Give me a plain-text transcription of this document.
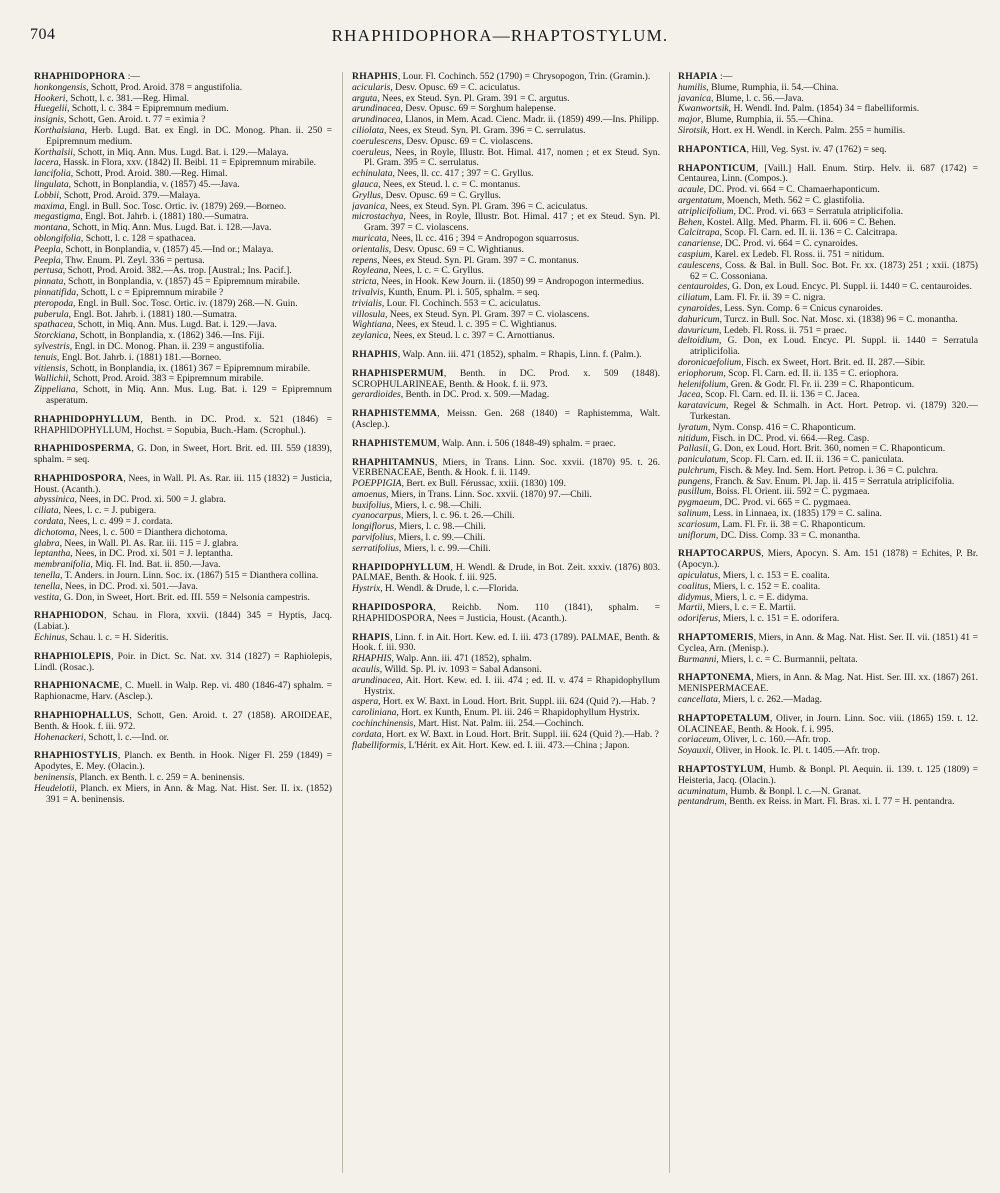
704	RHAPHIDOPHORA—RHAPTOSTYLUM.
RHAPHIDOPHORA :—
honkongensis, Schott, Prod. Aroid. 378 = angustifolia.
Hookeri, Schott, l. c. 381.—Reg. Himal.
Huegelii, Schott, l. c. 384 = Epipremnum medium.
insignis, Schott, Gen. Aroid. t. 77 = eximia ?
Korthalsiana, Herb. Lugd. Bat. ex Engl. in DC. Monog. Phan. ii. 250 = Epipremnum medium.
Korthalsii, Schott, in Miq. Ann. Mus. Lugd. Bat. i. 129.—Malaya.
lacera, Hassk. in Flora, xxv. (1842) II. Beibl. 11 = Epipremnum mirabile.
lancifolia, Schott, Prod. Aroid. 380.—Reg. Himal.
lingulata, Schott, in Bonplandia, v. (1857) 45.—Java.
Lobbii, Schott, Prod. Aroid. 379.—Malaya.
maxima, Engl. in Bull. Soc. Tosc. Ortic. iv. (1879) 269.—Borneo.
megastigma, Engl. Bot. Jahrb. i. (1881) 180.—Sumatra.
montana, Schott, in Miq. Ann. Mus. Lugd. Bat. i. 128.—Java.
oblongifolia, Schott, l. c. 128 = spathacea.
Peepla, Schott, in Bonplandia, v. (1857) 45.—Ind or.; Malaya.
Peepla, Thw. Enum. Pl. Zeyl. 336 = pertusa.
pertusa, Schott, Prod. Aroid. 382.—As. trop. [Austral.; Ins. Pacif.].
pinnata, Schott, in Bonplandia, v. (1857) 45 = Epipremnum mirabile.
pinnatifida, Schott, l. c = Epipremnum mirabile ?
pteropoda, Engl. in Bull. Soc. Tosc. Ortic. iv. (1879) 268.—N. Guin.
puberula, Engl. Bot. Jahrb. i. (1881) 180.—Sumatra.
spathacea, Schott, in Miq. Ann. Mus. Lugd. Bat. i. 129.—Java.
Storckiana, Schott, in Bonplandia, x. (1862) 346.—Ins. Fiji.
sylvestris, Engl. in DC. Monog. Phan. ii. 239 = angustifolia.
tenuis, Engl. Bot. Jahrb. i. (1881) 181.—Borneo.
vitiensis, Schott, in Bonplandia, ix. (1861) 367 = Epipremnum mirabile.
Wallichii, Schott, Prod. Aroid. 383 = Epipremnum mirabile.
Zippeliana, Schott, in Miq. Ann. Mus. Lug. Bat. i. 129 = Epipremnum asperatum.
RHAPHIDOPHYLLUM, Benth. in DC. Prod. x. 521 (1846) = RHAPHIDOPHYLLUM, Hochst. = Sopubia, Buch.-Ham. (Scrophul.).
RHAPHIDOSPERMA, G. Don, in Sweet, Hort. Brit. ed. III. 559 (1839), sphalm. = seq.
RHAPHIDOSPORA, Nees, in Wall. Pl. As. Rar. iii. 115 (1832) = Justicia, Houst. (Acanth.).
abyssinica, Nees, in DC. Prod. xi. 500 = J. glabra.
ciliata, Nees, l. c. = J. pubigera.
cordata, Nees, l. c. 499 = J. cordata.
dichotoma, Nees, l. c. 500 = Dianthera dichotoma.
glabra, Nees, in Wall. Pl. As. Rar. iii. 115 = J. glabra.
leptantha, Nees, in DC. Prod. xi. 501 = J. leptantha.
membranifolia, Miq. Fl. Ind. Bat. ii. 850.—Java.
tenella, T. Anders. in Journ. Linn. Soc. ix. (1867) 515 = Dianthera collina.
tenella, Nees, in DC. Prod. xi. 501.—Java.
vestita, G. Don, in Sweet, Hort. Brit. ed. III. 559 = Nelsonia campestris.
RHAPHIODON, Schau. in Flora, xxvii. (1844) 345 = Hyptis, Jacq. (Labiat.).
Echinus, Schau. l. c. = H. Sideritis.
RHAPHIOLEPIS, Poir. in Dict. Sc. Nat. xv. 314 (1827) = Raphiolepis, Lindl. (Rosac.).
RHAPHIONACME, C. Muell. in Walp. Rep. vi. 480 (1846-47) sphalm. = Raphionacme, Harv. (Asclep.).
RHAPHIOPHALLUS, Schott, Gen. Aroid. t. 27 (1858). AROIDEAE, Benth. & Hook. f. iii. 972.
Hohenackeri, Schott, l. c.—Ind. or.
RHAPHIOSTYLIS, Planch. ex Benth. in Hook. Niger Fl. 259 (1849) = Apodytes, E. Mey. (Olacin.).
beninensis, Planch. ex Benth. l. c. 259 = A. beninensis.
Heudelotii, Planch. ex Miers, in Ann. & Mag. Nat. Hist. Ser. II. ix. (1852) 391 = A. beninensis.
RHAPHIS, Lour. Fl. Cochinch. 552 (1790) = Chrysopogon, Trin. (Gramin.).
acicularis, Desv. Opusc. 69 = C. aciculatus.
arguta, Nees, ex Steud. Syn. Pl. Gram. 391 = C. argutus.
arundinacea, Desv. Opusc. 69 = Sorghum halepense.
arundinacea, Llanos, in Mem. Acad. Cienc. Madr. ii. (1859) 499.—Ins. Philipp.
ciliolata, Nees, ex Steud. Syn. Pl. Gram. 396 = C. serrulatus.
coerulescens, Desv. Opusc. 69 = C. violascens.
coeruleus, Nees, in Royle, Illustr. Bot. Himal. 417, nomen ; et ex Steud. Syn. Pl. Gram. 395 = C. serrulatus.
echinulata, Nees, ll. cc. 417 ; 397 = C. Gryllus.
glauca, Nees, ex Steud. l. c. = C. montanus.
Gryllus, Desv. Opusc. 69 = C. Gryllus.
javanica, Nees, ex Steud. Syn. Pl. Gram. 396 = C. aciculatus.
microstachya, Nees, in Royle, Illustr. Bot. Himal. 417 ; et ex Steud. Syn. Pl. Gram. 397 = C. violascens.
muricata, Nees, ll. cc. 416 ; 394 = Andropogon squarrosus.
orientalis, Desv. Opusc. 69 = C. Wightianus.
repens, Nees, ex Steud. Syn. Pl. Gram. 397 = C. montanus.
Royleana, Nees, l. c. = C. Gryllus.
stricta, Nees, in Hook. Kew Journ. ii. (1850) 99 = Andropogon intermedius.
trivalvis, Kunth, Enum. Pl. i. 505, sphalm. = seq.
trivialis, Lour. Fl. Cochinch. 553 = C. aciculatus.
villosula, Nees, ex Steud. Syn. Pl. Gram. 397 = C. violascens.
Wightiana, Nees, ex Steud. l. c. 395 = C. Wightianus.
zeylanica, Nees, ex Steud. l. c. 397 = C. Arnottianus.
RHAPHIS, Walp. Ann. iii. 471 (1852), sphalm. = Rhapis, Linn. f. (Palm.).
RHAPHISPERMUM, Benth. in DC. Prod. x. 509 (1848). SCROPHULARINEAE, Benth. & Hook. f. ii. 973.
gerardioides, Benth. in DC. Prod. x. 509.—Madag.
RHAPHISTEMMA, Meissn. Gen. 268 (1840) = Raphistemma, Walt. (Asclep.).
RHAPHISTEMUM, Walp. Ann. i. 506 (1848-49) sphalm. = praec.
RHAPHITAMNUS, Miers, in Trans. Linn. Soc. xxvii. (1870) 95. t. 26. VERBENACEAE, Benth. & Hook. f. ii. 1149.
POEPPIGIA, Bert. ex Bull. Férussac, xxiii. (1830) 109.
amoenus, Miers, in Trans. Linn. Soc. xxvii. (1870) 97.—Chili.
buxifolius, Miers, l. c. 98.—Chili.
cyanocarpus, Miers, l. c. 96. t. 26.—Chili.
longiflorus, Miers, l. c. 98.—Chili.
parvifolius, Miers, l. c. 99.—Chili.
serratifolius, Miers, l. c. 99.—Chili.
RHAPIDOPHYLLUM, H. Wendl. & Drude, in Bot. Zeit. xxxiv. (1876) 803. PALMAE, Benth. & Hook. f. iii. 925.
Hystrix, H. Wendl. & Drude, l. c.—Florida.
RHAPIDOSPORA, Reichb. Nom. 110 (1841), sphalm. = RHAPHIDOSPORA, Nees = Justicia, Houst. (Acanth.).
RHAPIS, Linn. f. in Ait. Hort. Kew. ed. I. iii. 473 (1789). PALMAE, Benth. & Hook. f. iii. 930.
RHAPHIS, Walp. Ann. iii. 471 (1852), sphalm.
acaulis, Willd. Sp. Pl. iv. 1093 = Sabal Adansoni.
arundinacea, Ait. Hort. Kew. ed. I. iii. 474 ; ed. II. v. 474 = Rhapidophyllum Hystrix.
aspera, Hort. ex W. Baxt. in Loud. Hort. Brit. Suppl. iii. 624 (Quid ?).—Hab. ?
caroliniana, Hort. ex Kunth, Enum. Pl. iii. 246 = Rhapidophyllum Hystrix.
cochinchinensis, Mart. Hist. Nat. Palm. iii. 254.—Cochinch.
cordata, Hort. ex W. Baxt. in Loud. Hort. Brit. Suppl. iii. 624 (Quid ?).—Hab. ?
flabelliformis, L'Hérit. ex Ait. Hort. Kew. ed. I. iii. 473.—China ; Japon.
RHAPIA :—
humilis, Blume, Rumphia, ii. 54.—China.
javanica, Blume, l. c. 56.—Java.
Kwanwortsik, H. Wendl. Ind. Palm. (1854) 34 = flabelliformis.
major, Blume, Rumphia, ii. 55.—China.
Sirotsik, Hort. ex H. Wendl. in Kerch. Palm. 255 = humilis.
RHAPONTICA, Hill, Veg. Syst. iv. 47 (1762) = seq.
RHAPONTICUM, [Vaill.] Hall. Enum. Stirp. Helv. ii. 687 (1742) = Centaurea, Linn. (Compos.).
acaule, DC. Prod. vi. 664 = C. Chamaerhaponticum.
argentatum, Moench, Meth. 562 = C. glastifolia.
atriplicifolium, DC. Prod. vi. 663 = Serratula atriplicifolia.
Behen, Kostel. Allg. Med. Pharm. Fl. ii. 606 = C. Behen.
Calcitrapa, Scop. Fl. Carn. ed. II. ii. 136 = C. Calcitrapa.
canariense, DC. Prod. vi. 664 = C. cynaroides.
caspium, Karel. ex Ledeb. Fl. Ross. ii. 751 = nitidum.
caulescens, Coss. & Bal. in Bull. Soc. Bot. Fr. xx. (1873) 251 ; xxii. (1875) 62 = C. Cossoniana.
centauroides, G. Don, ex Loud. Encyc. Pl. Suppl. ii. 1440 = C. centauroides.
ciliatum, Lam. Fl. Fr. ii. 39 = C. nigra.
cynaroides, Less. Syn. Comp. 6 = Cnicus cynaroides.
dahuricum, Turcz. in Bull. Soc. Nat. Mosc. xi. (1838) 96 = C. monantha.
davuricum, Ledeb. Fl. Ross. ii. 751 = praec.
deltoidium, G. Don, ex Loud. Encyc. Pl. Suppl. ii. 1440 = Serratula atriplicifolia.
doronicaefolium, Fisch. ex Sweet, Hort. Brit. ed. II. 287.—Sibir.
eriophorum, Scop. Fl. Carn. ed. II. ii. 135 = C. eriophora.
helenifolium, Gren. & Godr. Fl. Fr. ii. 239 = C. Rhaponticum.
Jacea, Scop. Fl. Carn. ed. II. ii. 136 = C. Jacea.
karatavicum, Regel & Schmalh. in Act. Hort. Petrop. vi. (1879) 320.—Turkestan.
lyratum, Nym. Consp. 416 = C. Rhaponticum.
nitidum, Fisch. in DC. Prod. vi. 664.—Reg. Casp.
Pallasii, G. Don, ex Loud. Hort. Brit. 360, nomen = C. Rhaponticum.
paniculatum, Scop. Fl. Carn. ed. II. ii. 136 = C. paniculata.
pulchrum, Fisch. & Mey. Ind. Sem. Hort. Petrop. i. 36 = C. pulchra.
pungens, Franch. & Sav. Enum. Pl. Jap. ii. 415 = Serratula atriplicifolia.
pusillum, Boiss. Fl. Orient. iii. 592 = C. pygmaea.
pygmaeum, DC. Prod. vi. 665 = C. pygmaea.
salinum, Less. in Linnaea, ix. (1835) 179 = C. salina.
scariosum, Lam. Fl. Fr. ii. 38 = C. Rhaponticum.
uniflorum, DC. Diss. Comp. 33 = C. monantha.
RHAPTOCARPUS, Miers, Apocyn. S. Am. 151 (1878) = Echites, P. Br. (Apocyn.).
apiculatus, Miers, l. c. 153 = E. coalita.
coalitus, Miers, l. c. 152 = E. coalita.
didymus, Miers, l. c. = E. didyma.
Martii, Miers, l. c. = E. Martii.
odoriferus, Miers, l. c. 151 = E. odorifera.
RHAPTOMERIS, Miers, in Ann. & Mag. Nat. Hist. Ser. II. vii. (1851) 41 = Cyclea, Arn. (Menisp.).
Burmanni, Miers, l. c. = C. Burmannii, peltata.
RHAPTONEMA, Miers, in Ann. & Mag. Nat. Hist. Ser. III. xx. (1867) 261. MENISPERMACEAE.
cancellata, Miers, l. c. 262.—Madag.
RHAPTOPETALUM, Oliver, in Journ. Linn. Soc. viii. (1865) 159. t. 12. OLACINEAE, Benth. & Hook. f. i. 995.
coriaceum, Oliver, l. c. 160.—Afr. trop.
Soyauxii, Oliver, in Hook. Ic. Pl. t. 1405.—Afr. trop.
RHAPTOSTYLUM, Humb. & Bonpl. Pl. Aequin. ii. 139. t. 125 (1809) = Heisteria, Jacq. (Olacin.).
acuminatum, Humb. & Bonpl. l. c.—N. Granat.
pentandrum, Benth. ex Reiss. in Mart. Fl. Bras. xi. I. 77 = H. pentandra.
